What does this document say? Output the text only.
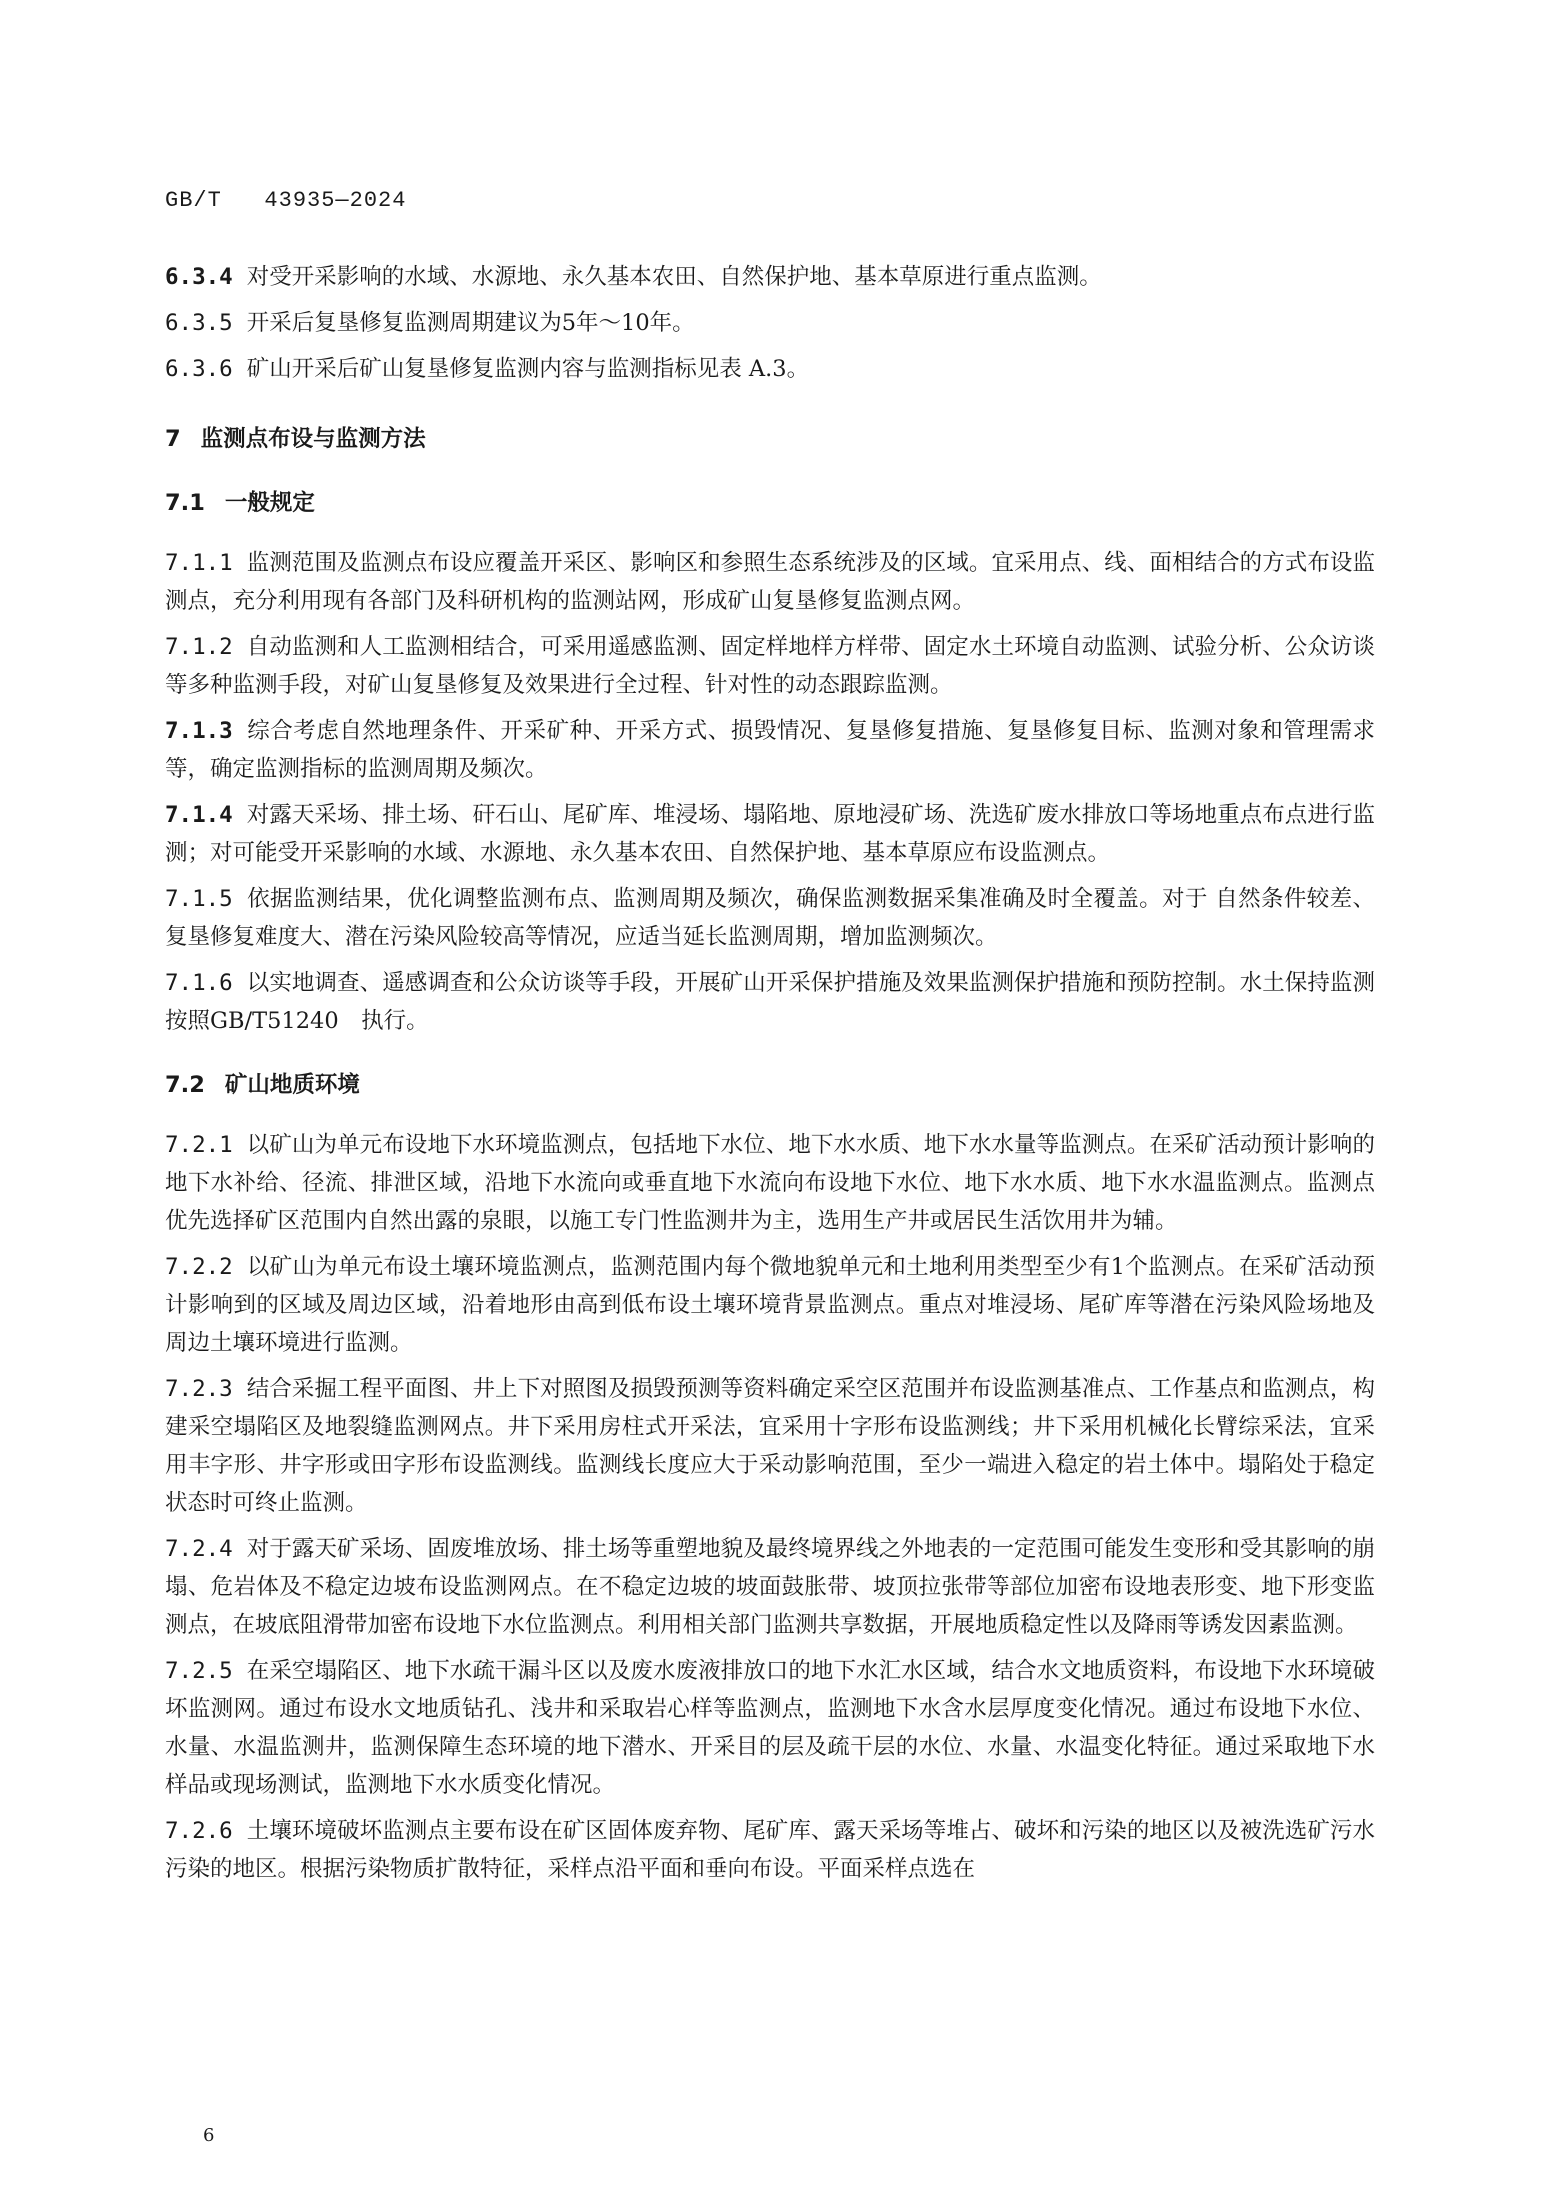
GB/T   43935—2024
6.3.4 对受开采影响的水域、水源地、永久基本农田、自然保护地、基本草原进行重点监测。
6.3.5 开采后复垦修复监测周期建议为5年～10年。
6.3.6 矿山开采后矿山复垦修复监测内容与监测指标见表 A.3。
7 监测点布设与监测方法
7.1 一般规定
7.1.1 监测范围及监测点布设应覆盖开采区、影响区和参照生态系统涉及的区域。宜采用点、线、面相结合的方式布设监测点，充分利用现有各部门及科研机构的监测站网，形成矿山复垦修复监测点网。
7.1.2 自动监测和人工监测相结合，可采用遥感监测、固定样地样方样带、固定水土环境自动监测、试验分析、公众访谈等多种监测手段，对矿山复垦修复及效果进行全过程、针对性的动态跟踪监测。
7.1.3 综合考虑自然地理条件、开采矿种、开采方式、损毁情况、复垦修复措施、复垦修复目标、监测对象和管理需求等，确定监测指标的监测周期及频次。
7.1.4 对露天采场、排土场、矸石山、尾矿库、堆浸场、塌陷地、原地浸矿场、洗选矿废水排放口等场地重点布点进行监测；对可能受开采影响的水域、水源地、永久基本农田、自然保护地、基本草原应布设监测点。
7.1.5 依据监测结果，优化调整监测布点、监测周期及频次，确保监测数据采集准确及时全覆盖。对于 自然条件较差、复垦修复难度大、潜在污染风险较高等情况，应适当延长监测周期，增加监测频次。
7.1.6 以实地调查、遥感调查和公众访谈等手段，开展矿山开采保护措施及效果监测保护措施和预防控制。水土保持监测按照GB/T51240　执行。
7.2 矿山地质环境
7.2.1 以矿山为单元布设地下水环境监测点，包括地下水位、地下水水质、地下水水量等监测点。在采矿活动预计影响的地下水补给、径流、排泄区域，沿地下水流向或垂直地下水流向布设地下水位、地下水水质、地下水水温监测点。监测点优先选择矿区范围内自然出露的泉眼，以施工专门性监测井为主，选用生产井或居民生活饮用井为辅。
7.2.2 以矿山为单元布设土壤环境监测点，监测范围内每个微地貌单元和土地利用类型至少有1个监测点。在采矿活动预计影响到的区域及周边区域，沿着地形由高到低布设土壤环境背景监测点。重点对堆浸场、尾矿库等潜在污染风险场地及周边土壤环境进行监测。
7.2.3 结合采掘工程平面图、井上下对照图及损毁预测等资料确定采空区范围并布设监测基准点、工作基点和监测点，构建采空塌陷区及地裂缝监测网点。井下采用房柱式开采法，宜采用十字形布设监测线；井下采用机械化长臂综采法，宜采用丰字形、井字形或田字形布设监测线。监测线长度应大于采动影响范围，至少一端进入稳定的岩土体中。塌陷处于稳定状态时可终止监测。
7.2.4 对于露天矿采场、固废堆放场、排土场等重塑地貌及最终境界线之外地表的一定范围可能发生变形和受其影响的崩塌、危岩体及不稳定边坡布设监测网点。在不稳定边坡的坡面鼓胀带、坡顶拉张带等部位加密布设地表形变、地下形变监测点，在坡底阻滑带加密布设地下水位监测点。利用相关部门监测共享数据，开展地质稳定性以及降雨等诱发因素监测。
7.2.5 在采空塌陷区、地下水疏干漏斗区以及废水废液排放口的地下水汇水区域，结合水文地质资料，布设地下水环境破坏监测网。通过布设水文地质钻孔、浅井和采取岩心样等监测点，监测地下水含水层厚度变化情况。通过布设地下水位、水量、水温监测井，监测保障生态环境的地下潜水、开采目的层及疏干层的水位、水量、水温变化特征。通过采取地下水样品或现场测试，监测地下水水质变化情况。
7.2.6 土壤环境破坏监测点主要布设在矿区固体废弃物、尾矿库、露天采场等堆占、破坏和污染的地区以及被洗选矿污水污染的地区。根据污染物质扩散特征，采样点沿平面和垂向布设。平面采样点选在
6
